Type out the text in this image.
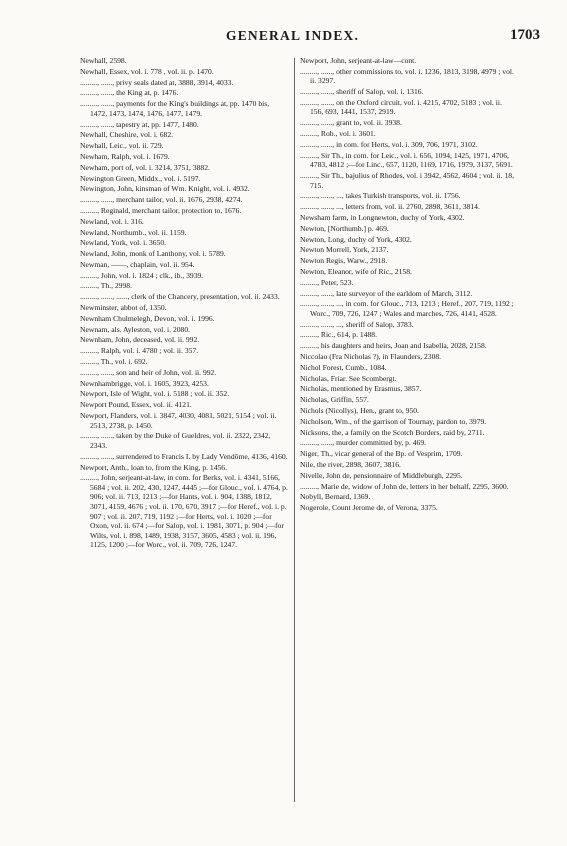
GENERAL INDEX.	1703
Newhall, 2598.
Newhall, Essex, vol. i. 778 , vol. ii. p. 1470.
........., ......, privy seals dated at, 3888, 3914, 4033.
........., ......, the King at, p. 1476.
........., ......, payments for the King's buildings at, pp. 1470 bis, 1472, 1473, 1474, 1476, 1477, 1479.
........., ......, tapestry at, pp. 1477, 1480.
Newhall, Cheshire, vol. i. 682.
Newhall, Leic., vol. ii. 729.
Newham, Ralph, vol. i. 1679.
Newham, port of, vol. i. 3214, 3751, 3882.
Newington Green, Middx., vol. i. 5197.
Newington, John, kinsman of Wm. Knight, vol. i. 4932.
........., ......, merchant tailor, vol. ii. 1676, 2938, 4274.
........., Reginald, merchant tailor, protection to, 1676.
Newland, vol. i. 316.
Newland, Northumb., vol. ii. 1159.
Newland, York, vol. i. 3650.
Newland, John, monk of Lanthony, vol. i. 5789.
Newman, ——, chaplain, vol. ii. 954.
........., John, vol. i. 1824 ; clk., ib., 3939.
........., Th., 2998.
........., ......, ......, clerk of the Chancery, presentation, vol. ii. 2433.
Newminster, abbot of, 1350.
Newnham Chulmelegh, Devon, vol. i. 1996.
Newnam, als. Ayleston, vol. i. 2080.
Newnham, John, deceased, vol. ii. 992.
........., Ralph, vol. i. 4780 ; vol. ii. 357.
........., Th., vol. i. 692.
........., ......, son and heir of John, vol. ii. 992.
Newnhambrigge, vol. i. 1605, 3923, 4253.
Newport, Isle of Wight, vol. i. 5188 ; vol. ii. 352.
Newport Pound, Essex, vol. ii. 4121.
Newport, Flanders, vol. i. 3847, 4030, 4081, 5021, 5154 ; vol. ii. 2513, 2738, p. 1450.
........., ......, taken by the Duke of Gueldres, vol. ii. 2322, 2342, 2343.
........., ......, surrendered to Francis I. by Lady Vendôme, 4136, 4160.
Newport, Anth., loan to, from the King, p. 1456.
........., John, serjeant-at-law, in com. for Berks, vol. i. 4341, 5166, 5684 ; vol. ii. 202, 430, 1247, 4445 ;—for Glouc., vol. i. 4764, p. 906; vol. ii. 713, 1213 ;—for Hants, vol. i. 904, 1388, 1812, 3071, 4159, 4676 ; vol. ii. 170, 670, 3917 ;—for Heref., vol. i. p. 907 ; vol. ii. 207, 719, 1192 ;—for Herts, vol. i. 1020 ;—for Oxon, vol. ii. 674 ;—for Salop, vol. i. 1981, 3071, p. 904 ;—for Wilts, vol. i. 898, 1489, 1938, 3157, 3605, 4583 ; vol. ii. 196, 1125, 1200 ;—for Worc., vol. ii. 709, 726, 1247.
Newport, John, serjeant-at-law—cont.
........., ......, other commissions to, vol. i. 1236, 1813, 3198, 4979 ; vol. ii. 3297.
........., ......, sheriff of Salop, vol. i. 1316.
........., ......, on the Oxford circuit, vol. i. 4215, 4702, 5183 ; vol. ii. 156, 693, 1441, 1537, 2919.
........., ......, grant to, vol. ii. 3938.
........., Rob., vol. i. 3601.
........., ......, in com. for Herts, vol. i. 309, 706, 1971, 3102.
........., Sir Th., in com. for Leic., vol. i. 656, 1094, 1425, 1971, 4706, 4783, 4812 ;—for Linc., 657, 1120, 1169, 1716, 1979, 3137, 5691.
........., Sir Th., bajulius of Rhodes, vol. i 3942, 4562, 4604 ; vol. ii. 18, 715.
........., ......, ..., takes Turkish transports, vol. ii. 1756.
........., ......, ..., letters from, vol. ii. 2760, 2898, 3611, 3814.
Newsham farm, in Longnewton, duchy of York, 4302.
Newton, [Northumb.] p. 469.
Newton, Long, duchy of York, 4302.
Newton Morrell, York, 2137.
Newton Regis, Warw., 2918.
Newton, Eleanor, wife of Ric., 2158.
........., Peter, 523.
........., ......, late surveyor of the earldom of March, 3112.
........., ......, ..., in com. for Glouc., 713, 1213 ; Heref., 207, 719, 1192 ; Worc., 709, 726, 1247 ; Wales and marches, 726, 4141, 4528.
........., ......, ..., sheriff of Salop, 3783.
........., Ric., 614, p. 1488.
........., his daughters and heirs, Joan and Isabella, 2028, 2158.
Niccolao (Fra Nicholas ?), in Flaunders, 2308.
Nichol Forest, Cumb., 1084.
Nicholas, Friar. See Scombergt.
Nicholas, mentioned by Erasmus, 3857.
Nicholas, Griffin, 557.
Nichols (Nicollys), Hen., grant to, 950.
Nicholson, Wm., of the garrison of Tournay, pardon to, 3979.
Nicksons, the, a family on the Scotch Borders, raid by, 2711.
........., ......, murder committed by, p. 469.
Niger, Th., vicar general of the Bp. of Vesprim, 1709.
Nile, the river, 2898, 3607, 3816.
Nivelle, John de, pensionnaire of Middleburgh, 2295.
........., Marie de, widow of John de, letters in her behalf, 2295, 3600.
Nobyll, Bernard, 1369.
Nogerole, Count Jerome de, of Verona, 3375.
